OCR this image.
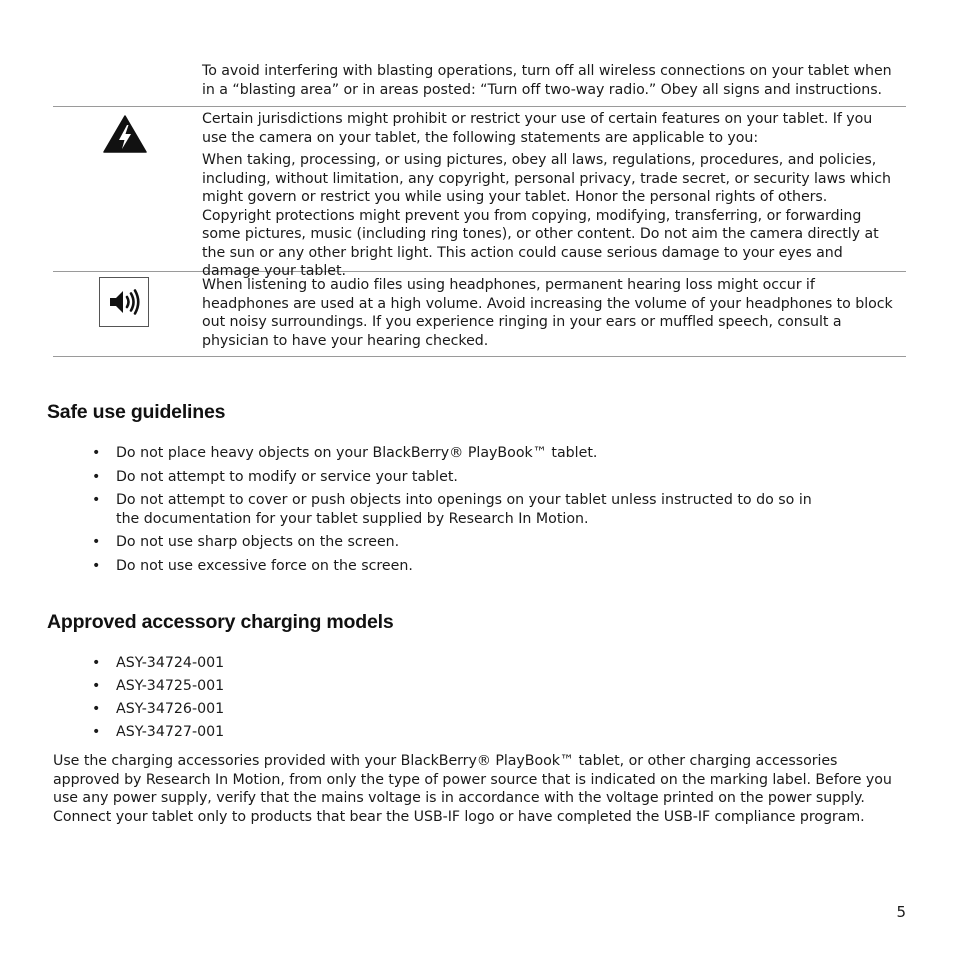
To avoid interfering with blasting operations, turn off all wireless connections on your tablet when in a “blasting area” or in areas posted: “Turn off two-way radio.” Obey all signs and instructions.

Certain jurisdictions might prohibit or restrict your use of certain features on your tablet. If you use the camera on your tablet, the following statements are applicable to you:

When taking, processing, or using pictures, obey all laws, regulations, procedures, and policies, including, without limitation, any copyright, personal privacy, trade secret, or security laws which might govern or restrict you while using your tablet. Honor the personal rights of others. Copyright protections might prevent you from copying, modifying, transferring, or forwarding some pictures, music (including ring tones), or other content. Do not aim the camera directly at the sun or any other bright light. This action could cause serious damage to your eyes and damage your tablet.

When listening to audio files using headphones, permanent hearing loss might occur if headphones are used at a high volume. Avoid increasing the volume of your headphones to block out noisy surroundings. If you experience ringing in your ears or muffled speech, consult a physician to have your hearing checked.

Safe use guidelines
• Do not place heavy objects on your BlackBerry® PlayBook™ tablet.
• Do not attempt to modify or service your tablet.
• Do not attempt to cover or push objects into openings on your tablet unless instructed to do so in the documentation for your tablet supplied by Research In Motion.
• Do not use sharp objects on the screen.
• Do not use excessive force on the screen.
Approved accessory charging models
• ASY-34724-001
• ASY-34725-001
• ASY-34726-001
• ASY-34727-001

Use the charging accessories provided with your BlackBerry® PlayBook™ tablet, or other charging accessories approved by Research In Motion, from only the type of power source that is indicated on the marking label. Before you use any power supply, verify that the mains voltage is in accordance with the voltage printed on the power supply. Connect your tablet only to products that bear the USB-IF logo or have completed the USB-IF compliance program.

5
